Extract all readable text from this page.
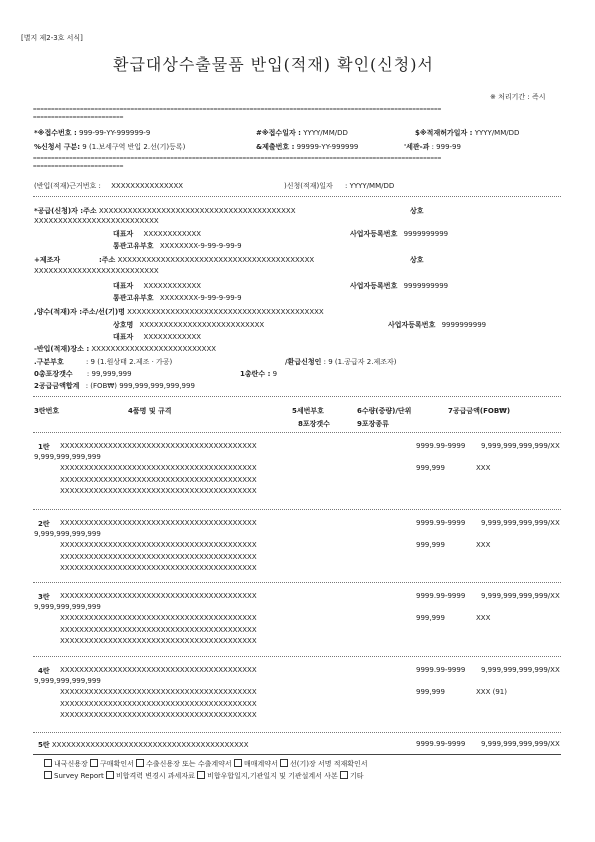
[별지 제2-3호 서식]
환급대상수출물품 반입(적재) 확인(신청)서
※ 처리기간 : 즉시
=================================================================================================================
=========================
*※접수번호 : 999-99-YY-999999-9	#※접수일자 : YYYY/MM/DD	$※적재허가일자 : YYYY/MM/DD
%신청서 구분: 9 (1.보세구역 반입 2.선(기)등록)	&제출번호 : 99999-YY-999999	'세관-과 : 999-99
=================================================================================================================
=========================
(반입(적재)근거번호 : XXXXXXXXXXXXXXX	)신청(적재)일자 : YYYY/MM/DD
*공급(신청)자 :주소 XXXXXXXXXXXXXXXXXXXXXXXXXXXXXXXXXXXXXXXXX	상호
XXXXXXXXXXXXXXXXXXXXXXXXXX
대표자 XXXXXXXXXXXX	사업자등록번호 9999999999
통관고유부호 XXXXXXXX-9-99-9-99-9
+제조자	:주소 XXXXXXXXXXXXXXXXXXXXXXXXXXXXXXXXXXXXXXXXX	상호
XXXXXXXXXXXXXXXXXXXXXXXXXX
대표자 XXXXXXXXXXXX	사업자등록번호 9999999999
통관고유부호 XXXXXXXX-9-99-9-99-9
,양수(적재)자 :주소/선(기)명 XXXXXXXXXXXXXXXXXXXXXXXXXXXXXXXXXXXXXXXXX
상호명 XXXXXXXXXXXXXXXXXXXXXXXXXX	사업자등록번호 9999999999
대표자 XXXXXXXXXXXX
-반입(적재)장소 : XXXXXXXXXXXXXXXXXXXXXXXXXX
.구분부호	: 9 (1.원상태 2.제조 · 가공)	/환급신청인 : 9 (1.공급자 2.제조자)
0총포장갯수 : 99,999,999	1총란수 : 9
2공급금액합계 : (FOB₩) 999,999,999,999,999
3란번호	4품명 및 규격	5세번부호	6수량(중량)/단위	7공급금액(FOB₩)
8포장갯수	9포장종류
1란 XXXXXXXXXXXXXXXXXXXXXXXXXXXXXXXXXXXXXXXXX	9999.99-9999 9,999,999,999,999/XX
9,999,999,999,999
XXXXXXXXXXXXXXXXXXXXXXXXXXXXXXXXXXXXXXXXX	999,999	XXX
XXXXXXXXXXXXXXXXXXXXXXXXXXXXXXXXXXXXXXXXX
XXXXXXXXXXXXXXXXXXXXXXXXXXXXXXXXXXXXXXXXX
2란 XXXXXXXXXXXXXXXXXXXXXXXXXXXXXXXXXXXXXXXXX	9999.99-9999 9,999,999,999,999/XX
9,999,999,999,999
XXXXXXXXXXXXXXXXXXXXXXXXXXXXXXXXXXXXXXXXX	999,999	XXX
XXXXXXXXXXXXXXXXXXXXXXXXXXXXXXXXXXXXXXXXX
XXXXXXXXXXXXXXXXXXXXXXXXXXXXXXXXXXXXXXXXX
3란 XXXXXXXXXXXXXXXXXXXXXXXXXXXXXXXXXXXXXXXXX	9999.99-9999 9,999,999,999,999/XX
9,999,999,999,999
XXXXXXXXXXXXXXXXXXXXXXXXXXXXXXXXXXXXXXXXX	999,999	XXX
XXXXXXXXXXXXXXXXXXXXXXXXXXXXXXXXXXXXXXXXX
XXXXXXXXXXXXXXXXXXXXXXXXXXXXXXXXXXXXXXXXX
4란 XXXXXXXXXXXXXXXXXXXXXXXXXXXXXXXXXXXXXXXXX	9999.99-9999 9,999,999,999,999/XX
9,999,999,999,999
XXXXXXXXXXXXXXXXXXXXXXXXXXXXXXXXXXXXXXXXX	999,999	XXX (91)
XXXXXXXXXXXXXXXXXXXXXXXXXXXXXXXXXXXXXXXXX
XXXXXXXXXXXXXXXXXXXXXXXXXXXXXXXXXXXXXXXXX
5란 XXXXXXXXXXXXXXXXXXXXXXXXXXXXXXXXXXXXXXXXX	9999.99-9999 9,999,999,999,999/XX
내국신용장 구매확인서 수출신용장 또는 수출계약서 매매계약서 선(기)장 서명 적재확인서
Survey Report 비합격력 변경시 과세자료 비합우합일지,기관일지 및 기관설계서 사본 기타
